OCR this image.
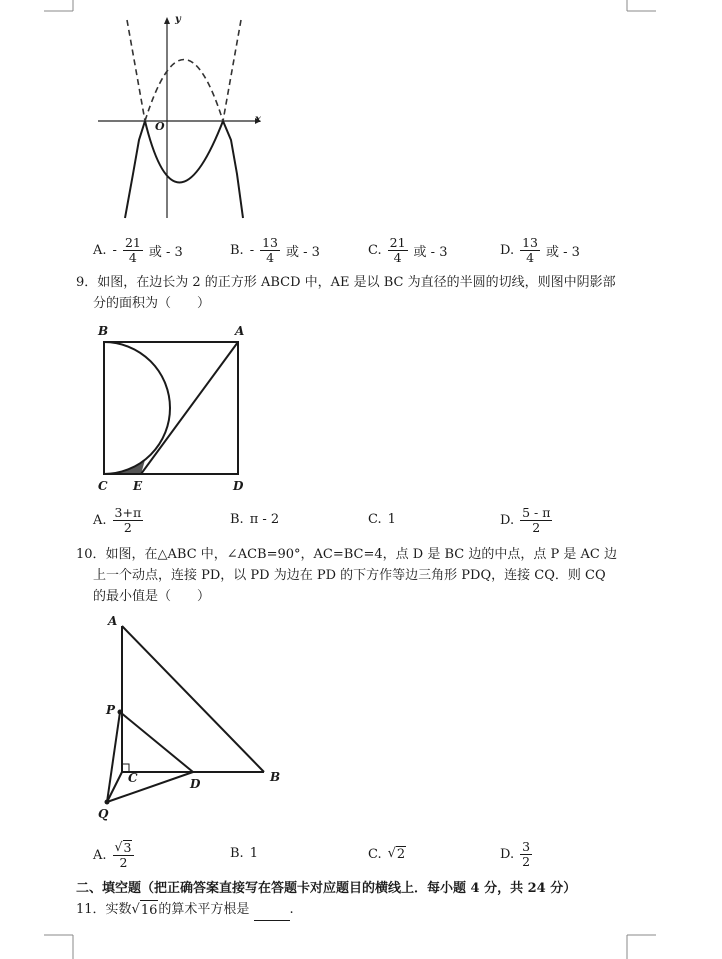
y
x
O
A. - $\frac{21}{4}$ 或 - 3	B. - $\frac{13}{4}$ 或 - 3	C. $\frac{21}{4}$ 或 - 3	D. $\frac{13}{4}$ 或 - 3
9．如图，在边长为 2 的正方形 ABCD 中，AE 是以 BC 为直径的半圆的切线，则图中阴影部
分的面积为（　　）
B	A
C E	D
A. $\frac{3+\pi}{2}$	B. π - 2	C. 1	D. $\frac{5 - \pi}{2}$
10．如图，在△ABC 中，∠ACB=90°，AC=BC=4，点 D 是 BC 边的中点，点 P 是 AC 边
上一个动点，连接 PD，以 PD 为边在 PD 的下方作等边三角形 PDQ，连接 CQ．则 CQ
的最小值是（　　）
A
P
C	D	B
Q
A. $\frac{√ 3}{2}$	B. 1	C. √ 2	D. $\frac{3}{2}$
二、填空题（把正确答案直接写在答题卡对应题目的横线上．每小题 4 分，共 24 分）
11．实数 √ 16 的算术平方根是	.
